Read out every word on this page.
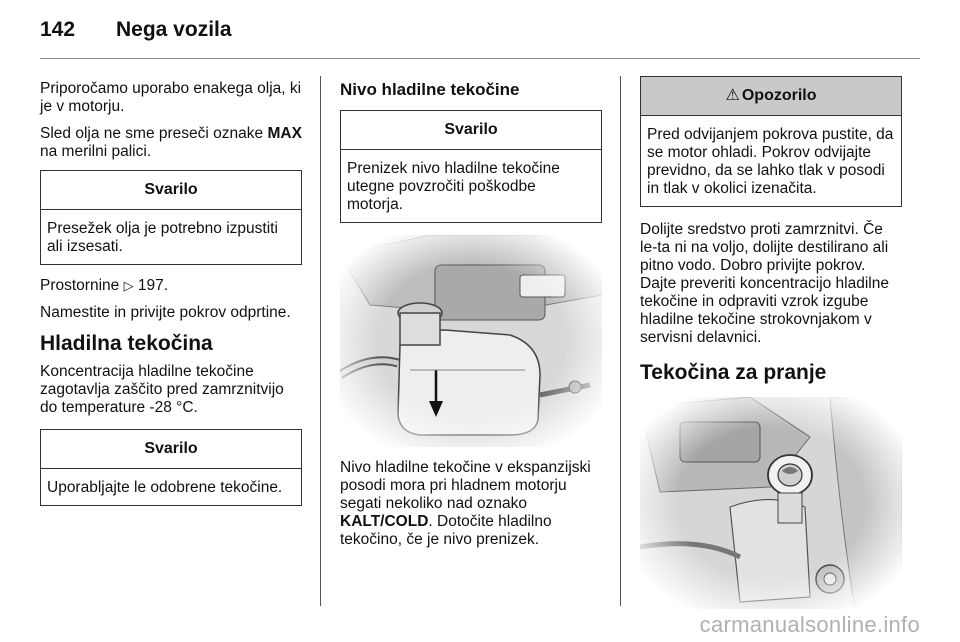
142 Nega vozila

Priporočamo uporabo enakega olja, ki je v motorju.

Sled olja ne sme preseči oznake MAX na merilni palici.

Svarilo
Presežek olja je potrebno izpustiti ali izsesati.

Prostornine ▷ 197.

Namestite in privijte pokrov odprtine.

Hladilna tekočina

Koncentracija hladilne tekočine zagotavlja zaščito pred zamrznitvijo do temperature -28 °C.

Svarilo
Uporabljajte le odobrene tekočine.
Nivo hladilne tekočine
Svarilo
Prenizek nivo hladilne tekočine utegne povzročiti poškodbe motorja.

Nivo hladilne tekočine v ekspanzijski posodi mora pri hladnem motorju segati nekoliko nad oznako KALT/COLD. Dotočite hladilno tekočino, če je nivo prenizek.

⚠ Opozorilo
Pred odvijanjem pokrova pustite, da se motor ohladi. Pokrov odvijajte previdno, da se lahko tlak v posodi in tlak v okolici izenačita.

Dolijte sredstvo proti zamrznitvi. Če le-ta ni na voljo, dolijte destilirano ali pitno vodo. Dobro privijte pokrov. Dajte preveriti koncentracijo hladilne tekočine in odpraviti vzrok izgube hladilne tekočine strokovnjakom v servisni delavnici.

Tekočina za pranje
carmanualsonline.info
